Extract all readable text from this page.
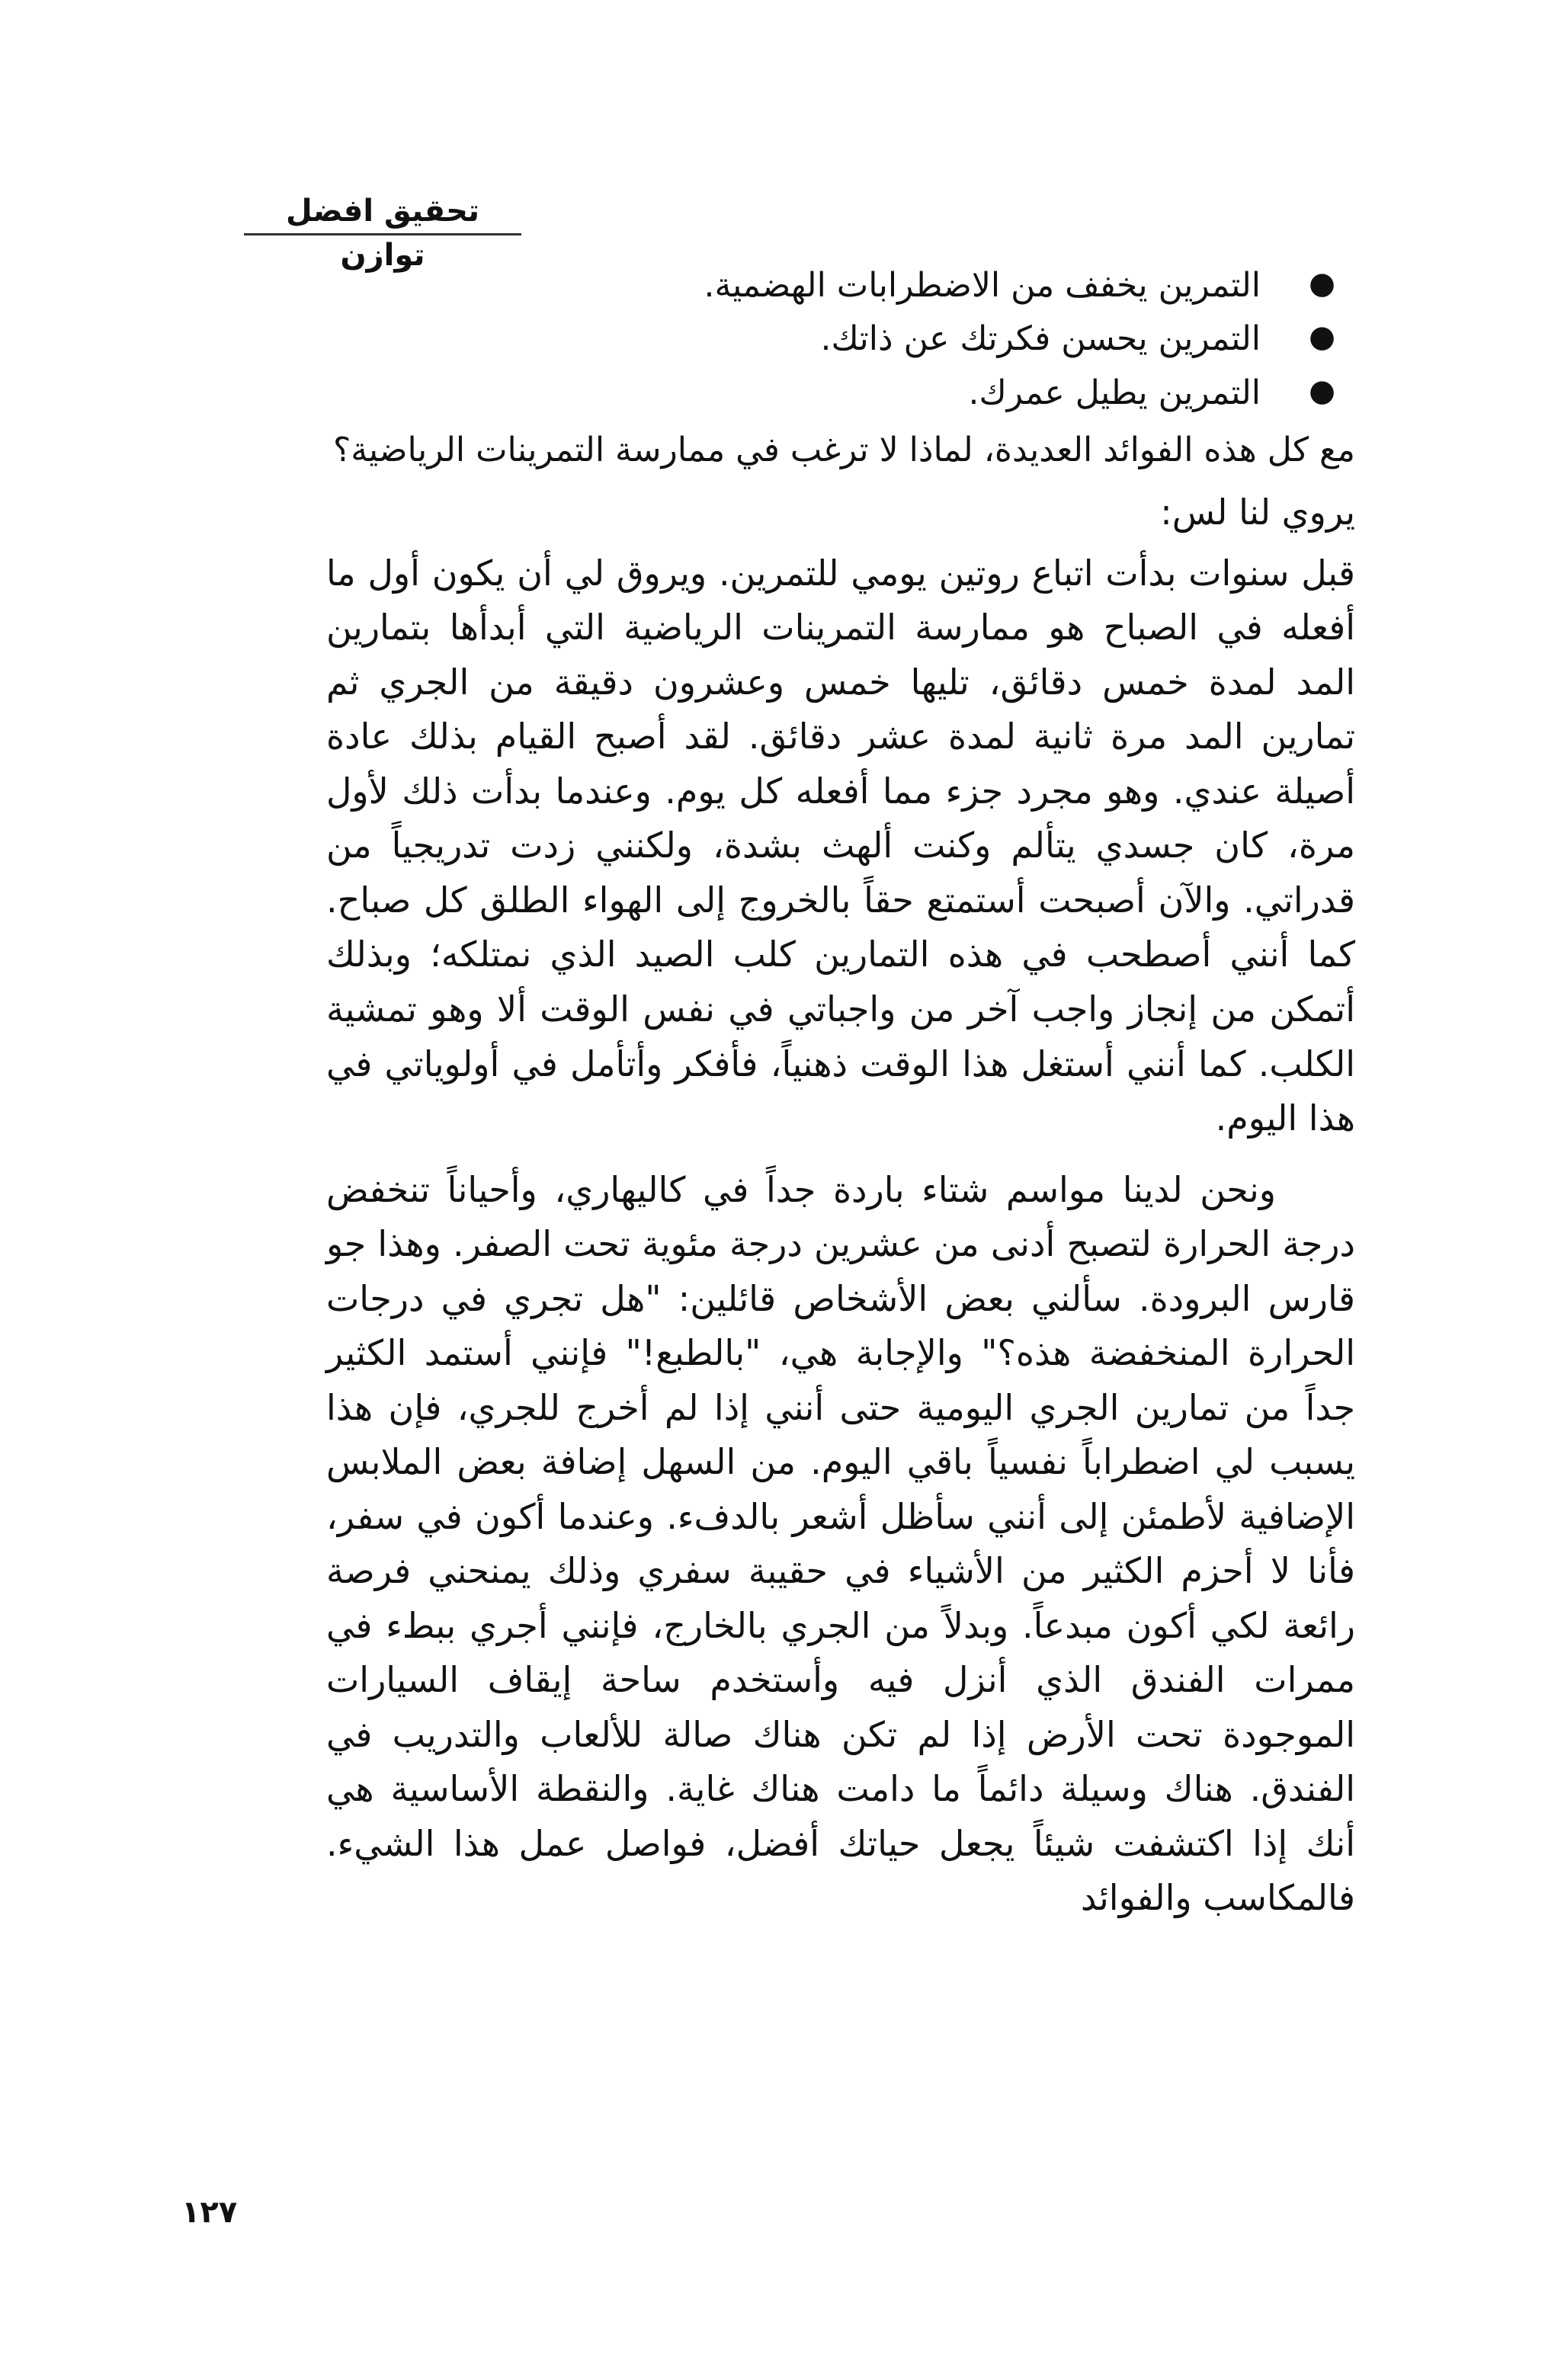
تحقيق افضل توازن
●
التمرين يخفف من الاضطرابات الهضمية.
●
التمرين يحسن فكرتك عن ذاتك.
●
التمرين يطيل عمرك.

مع كل هذه الفوائد العديدة، لماذا لا ترغب في ممارسة التمرينات الرياضية؟

يروي لنا لس:

قبل سنوات بدأت اتباع روتين يومي للتمرين. ويروق لي أن يكون أول ما أفعله في الصباح هو ممارسة التمرينات الرياضية التي أبدأها بتمارين المد لمدة خمس دقائق، تليها خمس وعشرون دقيقة من الجري ثم تمارين المد مرة ثانية لمدة عشر دقائق. لقد أصبح القيام بذلك عادة أصيلة عندي. وهو مجرد جزء مما أفعله كل يوم. وعندما بدأت ذلك لأول مرة، كان جسدي يتألم وكنت ألهث بشدة، ولكنني زدت تدريجياً من قدراتي. والآن أصبحت أستمتع حقاً بالخروج إلى الهواء الطلق كل صباح. كما أنني أصطحب في هذه التمارين كلب الصيد الذي نمتلكه؛ وبذلك أتمكن من إنجاز واجب آخر من واجباتي في نفس الوقت ألا وهو تمشية الكلب. كما أنني أستغل هذا الوقت ذهنياً، فأفكر وأتأمل في أولوياتي في هذا اليوم.

ونحن لدينا مواسم شتاء باردة جداً في كاليهاري، وأحياناً تنخفض درجة الحرارة لتصبح أدنى من عشرين درجة مئوية تحت الصفر. وهذا جو قارس البرودة. سألني بعض الأشخاص قائلين: "هل تجري في درجات الحرارة المنخفضة هذه؟" والإجابة هي، "بالطبع!" فإنني أستمد الكثير جداً من تمارين الجري اليومية حتى أنني إذا لم أخرج للجري، فإن هذا يسبب لي اضطراباً نفسياً باقي اليوم. من السهل إضافة بعض الملابس الإضافية لأطمئن إلى أنني سأظل أشعر بالدفء. وعندما أكون في سفر، فأنا لا أحزم الكثير من الأشياء في حقيبة سفري وذلك يمنحني فرصة رائعة لكي أكون مبدعاً. وبدلاً من الجري بالخارج، فإنني أجري ببطء في ممرات الفندق الذي أنزل فيه وأستخدم ساحة إيقاف السيارات الموجودة تحت الأرض إذا لم تكن هناك صالة للألعاب والتدريب في الفندق. هناك وسيلة دائماً ما دامت هناك غاية. والنقطة الأساسية هي أنك إذا اكتشفت شيئاً يجعل حياتك أفضل، فواصل عمل هذا الشيء. فالمكاسب والفوائد

١٢٧
